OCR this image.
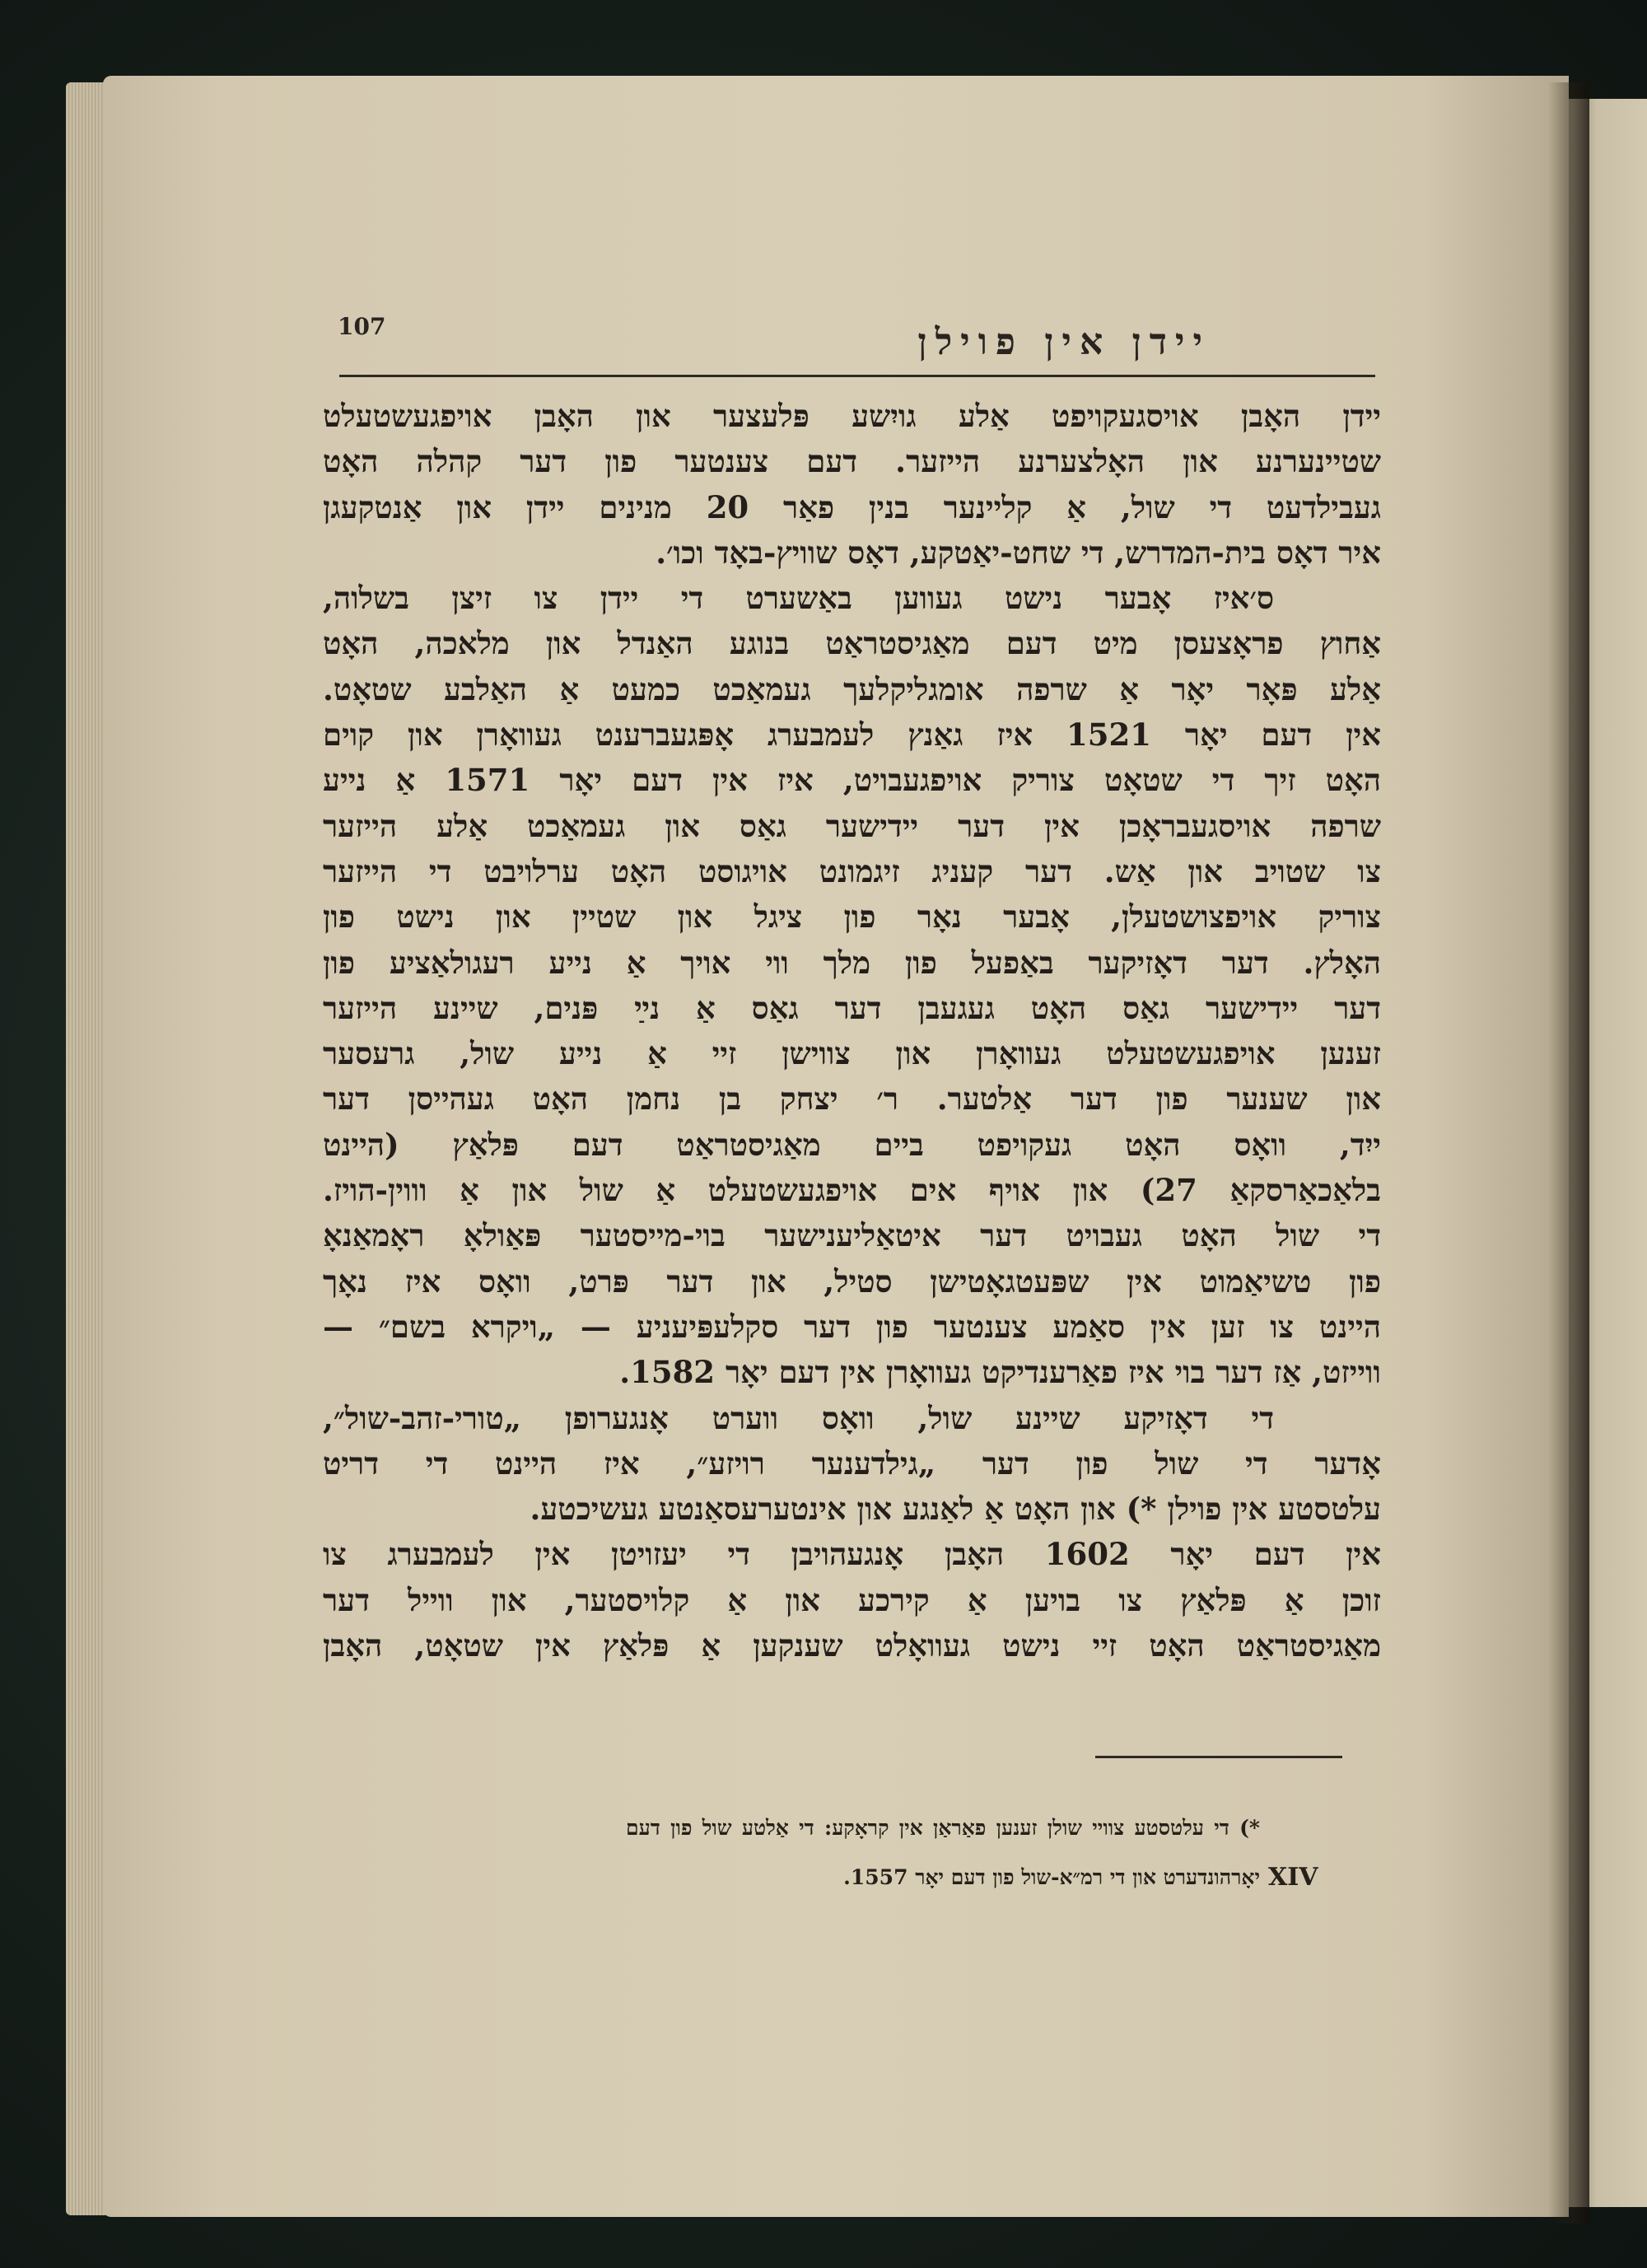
107	יידן אין פוילן
יידן האָבן אויסגעקויפט אַלע גויִשע פּלעצער און האָבן אויפגעשטעלט
שטיינערנע און האָלצערנע הייזער. דעם צענטער פון דער קהלה האָט
געבילדעט די שול, אַ קליינער בנין פאַר 20 מנינים יידן און אַנטקעגן
איר דאָס בית-המדרש, די שחט-יאַטקע, דאָס שוויץ-באָד וכו׳.
ס׳איז אָבער נישט געווען באַשערט די יידן צו זיצן בשלוה,
אַחוץ פראָצעסן מיט דעם מאַגיסטראַט בנוגע האַנדל און מלאכה, האָט
אַלע פּאָר יאָר אַ שרפה אומגליקלעך געמאַכט כמעט אַ האַלבע שטאָט.
אין דעם יאָר 1521 איז גאַנץ לעמבערג אָפּגעברענט געוואָרן און קוים
האָט זיך די שטאָט צוריק אויפגעבויט, איז אין דעם יאָר 1571 אַ נייע
שרפה אויסגעבראָכן אין דער יידישער גאַס און געמאַכט אַלע הייזער
צו שטויב און אַש. דער קעניג זיגמונט אויגוסט האָט ערלויבט די הייזער
צוריק אויפצושטעלן, אָבער נאָר פון ציגל און שטיין און נישט פון
האָלץ. דער דאָזיקער באַפעל פון מלך ווי אויך אַ נייע רעגולאַציע פון
דער יידישער גאַס האָט געגעבן דער גאַס אַ נײַ פּנים, שיינע הייזער
זענען אויפגעשטעלט געוואָרן און צווישן זיי אַ נייע שול, גרעסער
און שענער פון דער אַלטער. ר׳ יצחק בן נחמן האָט געהייסן דער
ייִד, וואָס האָט געקויפט ביים מאַגיסטראַט דעם פּלאַץ (היינט
בלאַכאַרסקאַ 27) און אויף אים אויפגעשטעלט אַ שול און אַ וווין-הויז.
די שול האָט געבויט דער איטאַליענישער בוי-מייסטער פּאַולאָ ראָמאַנאָ
פון טשיאַמוט אין שפּעטגאָטישן סטיל, און דער פּרט, וואָס איז נאָך
היינט צו זען אין סאַמע צענטער פון דער סקלעפּיעניע — „ויקרא בשם״ —
ווייזט, אַז דער בוי איז פאַרענדיקט געוואָרן אין דעם יאָר 1582.
די דאָזיקע שיינע שול, וואָס ווערט אָנגערופן „טורי-זהב-שול״,
אָדער די שול פון דער „גילדענער רויזע״, איז היינט די דריט
עלטסטע אין פוילן *) און האָט אַ לאַנגע און אינטערעסאַנטע געשיכטע.
אין דעם יאָר 1602 האָבן אָנגעהויבן די יעזויטן אין לעמבערג צו
זוכן אַ פּלאַץ צו בויען אַ קירכע און אַ קלויסטער, און ווייל דער
מאַגיסטראַט האָט זיי נישט געוואָלט שענקען אַ פּלאַץ אין שטאָט, האָבן
*) די עלטסטע צוויי שולן זענען פאַראַן אין קראָקע: די אַלטע שול פון דעם
יאָרהונדערט און די רמ״א-שול פון דעם יאָר 1557. XIV
